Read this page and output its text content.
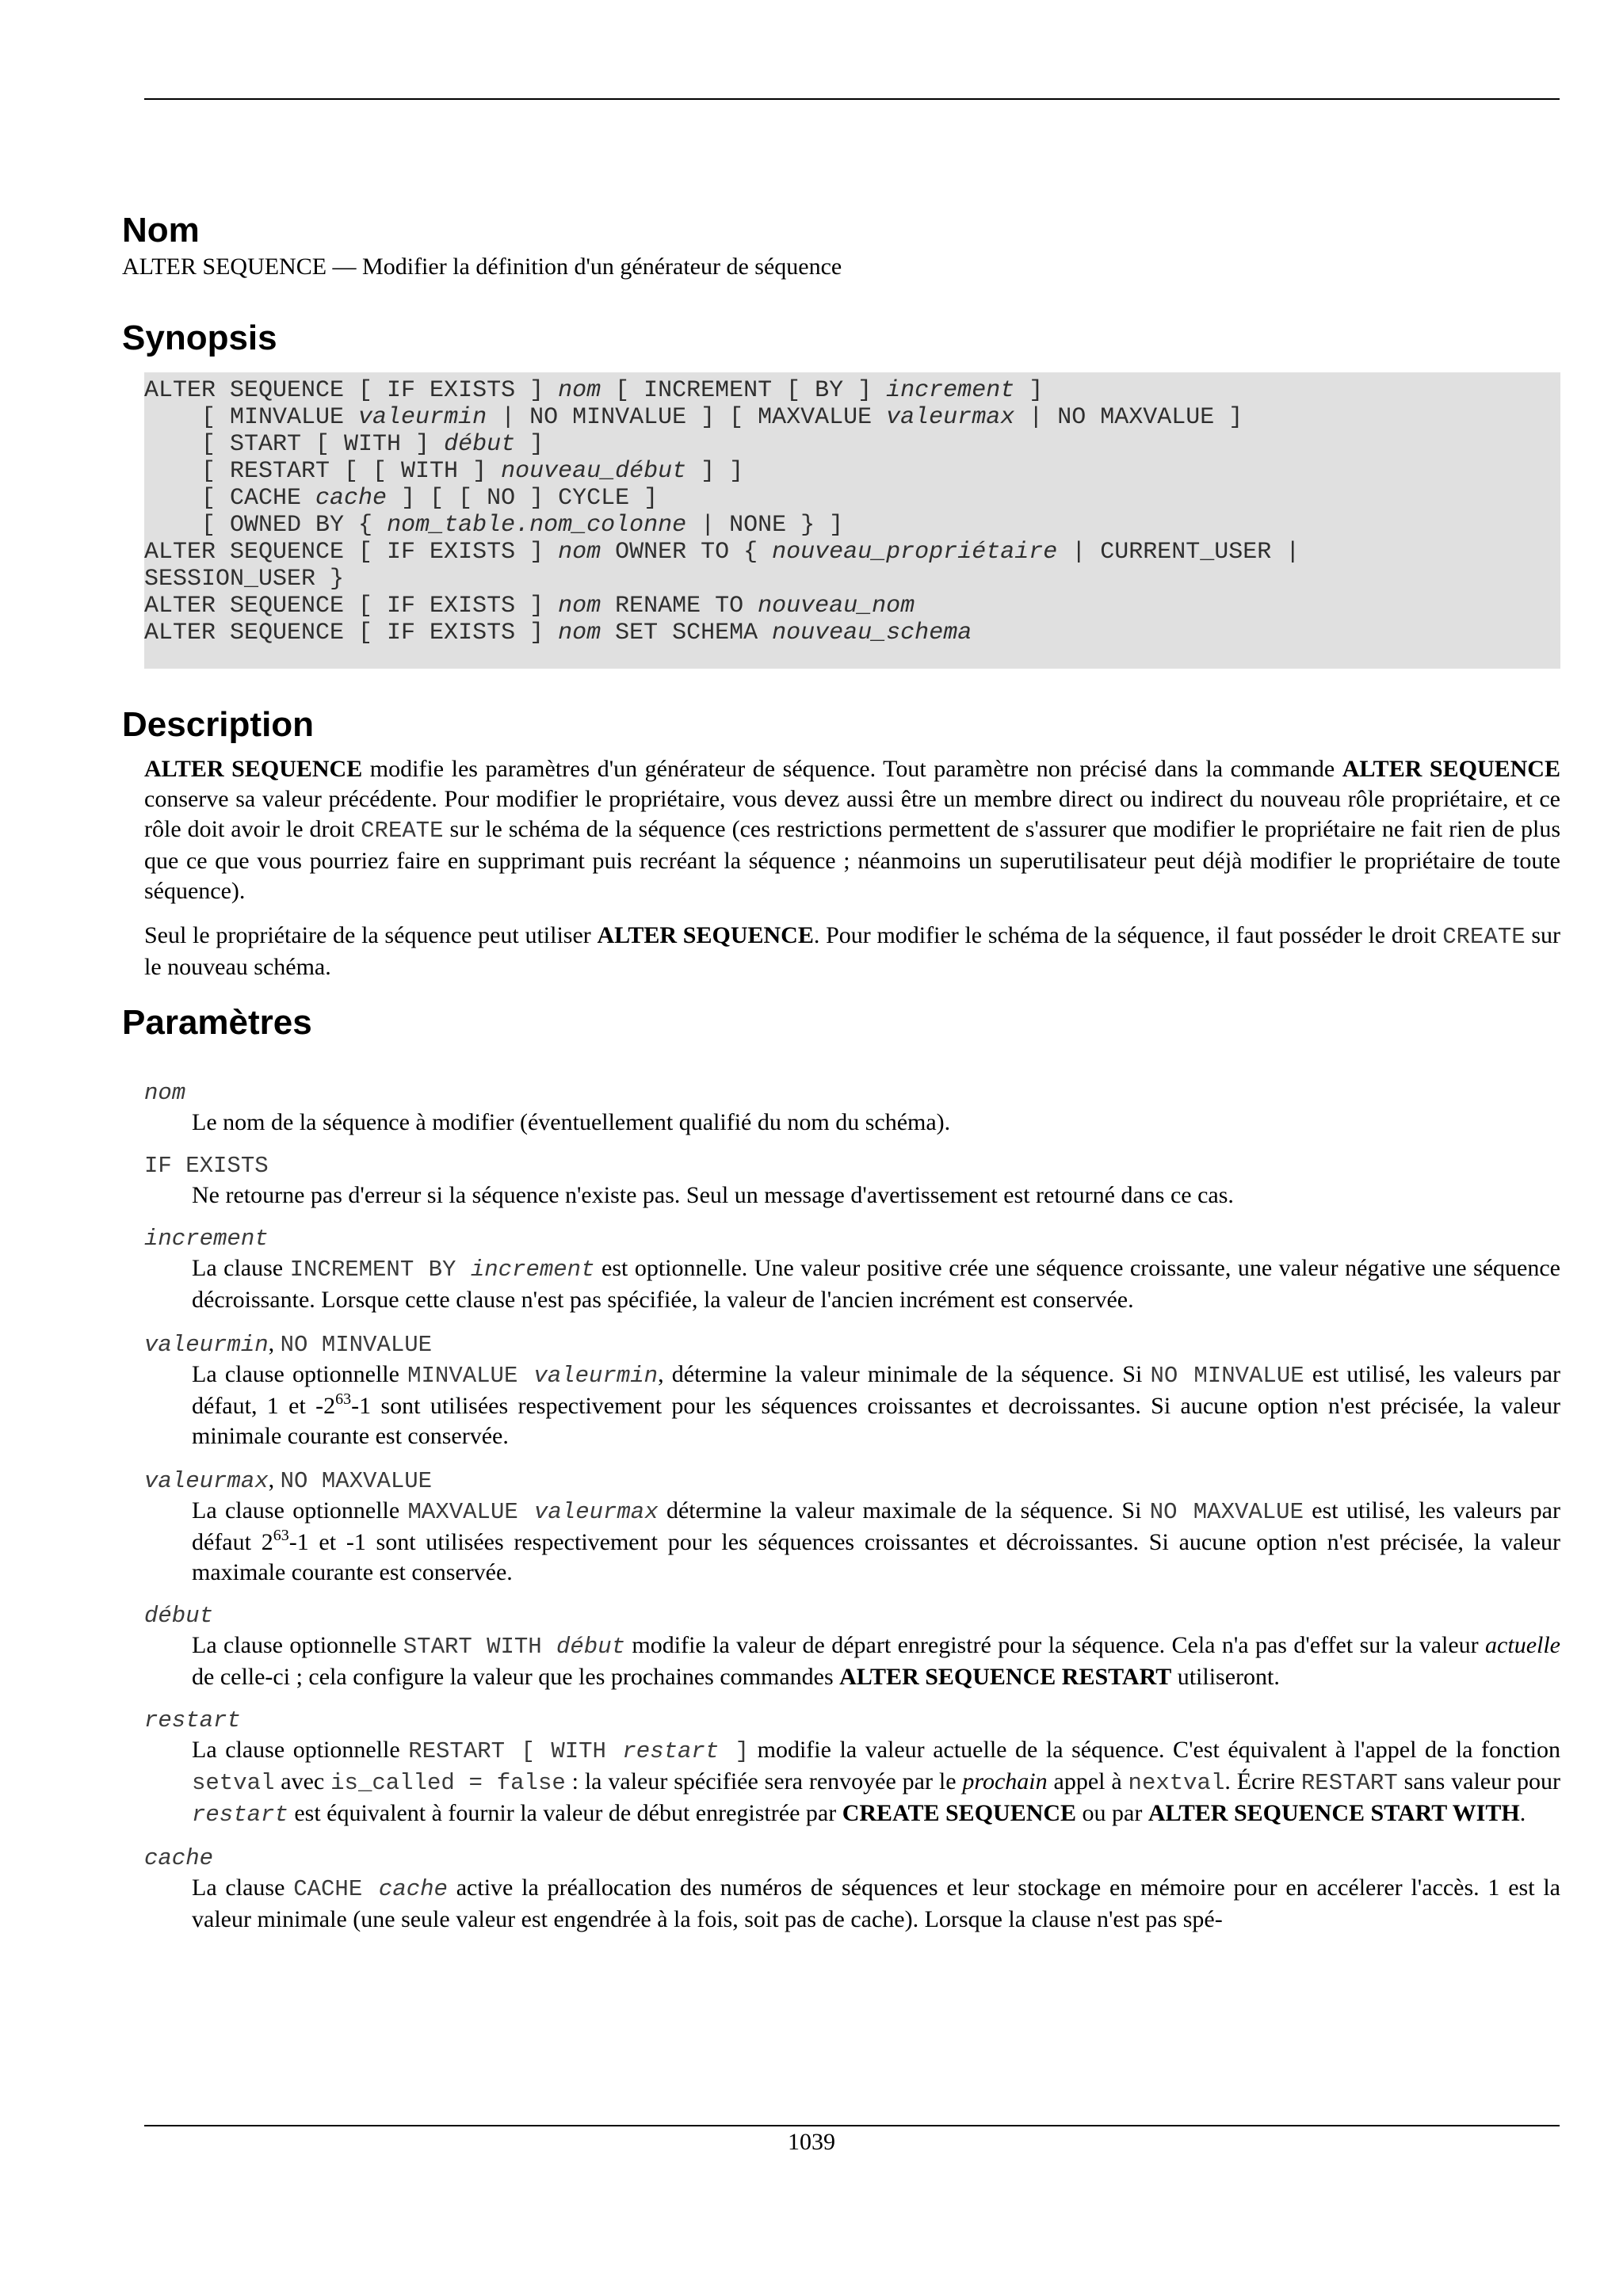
Nom
ALTER SEQUENCE — Modifier la définition d'un générateur de séquence
Synopsis
ALTER SEQUENCE [ IF EXISTS ] nom [ INCREMENT [ BY ] increment ]
[ MINVALUE valeurmin | NO MINVALUE ] [ MAXVALUE valeurmax | NO MAXVALUE ]
[ START [ WITH ] début ]
[ RESTART [ [ WITH ] nouveau_début ] ]
[ CACHE cache ] [ [ NO ] CYCLE ]
[ OWNED BY { nom_table.nom_colonne | NONE } ]
ALTER SEQUENCE [ IF EXISTS ] nom OWNER TO { nouveau_propriétaire | CURRENT_USER |
SESSION_USER }
ALTER SEQUENCE [ IF EXISTS ] nom RENAME TO nouveau_nom
ALTER SEQUENCE [ IF EXISTS ] nom SET SCHEMA nouveau_schema
Description

ALTER SEQUENCE modifie les paramètres d'un générateur de séquence. Tout paramètre non précisé dans la commande ALTER SEQUENCE conserve sa valeur précédente. Pour modifier le propriétaire, vous devez aussi être un membre direct ou indirect du nouveau rôle propriétaire, et ce rôle doit avoir le droit CREATE sur le schéma de la séquence (ces restrictions permettent de s'assurer que modifier le propriétaire ne fait rien de plus que ce que vous pourriez faire en supprimant puis recréant la séquence ; néanmoins un superutilisateur peut déjà modifier le propriétaire de toute séquence).

Seul le propriétaire de la séquence peut utiliser ALTER SEQUENCE. Pour modifier le schéma de la séquence, il faut posséder le droit CREATE sur le nouveau schéma.

Paramètres
nom
Le nom de la séquence à modifier (éventuellement qualifié du nom du schéma).
IF EXISTS
Ne retourne pas d'erreur si la séquence n'existe pas. Seul un message d'avertissement est retourné dans ce cas.
increment
La clause INCREMENT BY increment est optionnelle. Une valeur positive crée une séquence croissante, une valeur négative une séquence décroissante. Lorsque cette clause n'est pas spécifiée, la valeur de l'ancien incrément est conservée.
valeurmin, NO MINVALUE
La clause optionnelle MINVALUE valeurmin, détermine la valeur minimale de la séquence. Si NO MINVALUE est utilisé, les valeurs par défaut, 1 et $-2^{63}-1$ sont utilisées respectivement pour les séquences croissantes et decroissantes. Si aucune option n'est précisée, la valeur minimale courante est conservée.
valeurmax, NO MAXVALUE
La clause optionnelle MAXVALUE valeurmax détermine la valeur maximale de la séquence. Si NO MAXVALUE est utilisé, les valeurs par défaut $2^{63}-1$ et -1 sont utilisées respectivement pour les séquences croissantes et décroissantes. Si aucune option n'est précisée, la valeur maximale courante est conservée.
début
La clause optionnelle START WITH début modifie la valeur de départ enregistré pour la séquence. Cela n'a pas d'effet sur la valeur actuelle de celle-ci ; cela configure la valeur que les prochaines commandes ALTER SEQUENCE RESTART utiliseront.
restart
La clause optionnelle RESTART [ WITH restart ] modifie la valeur actuelle de la séquence. C'est équivalent à l'appel de la fonction setval avec is_called = false : la valeur spécifiée sera renvoyée par le prochain appel à nextval. Écrire RESTART sans valeur pour restart est équivalent à fournir la valeur de début enregistrée par CREATE SEQUENCE ou par ALTER SEQUENCE START WITH.
cache
La clause CACHE cache active la préallocation des numéros de séquences et leur stockage en mémoire pour en accélerer l'accès. 1 est la valeur minimale (une seule valeur est engendrée à la fois, soit pas de cache). Lorsque la clause n'est pas spé-
1039
